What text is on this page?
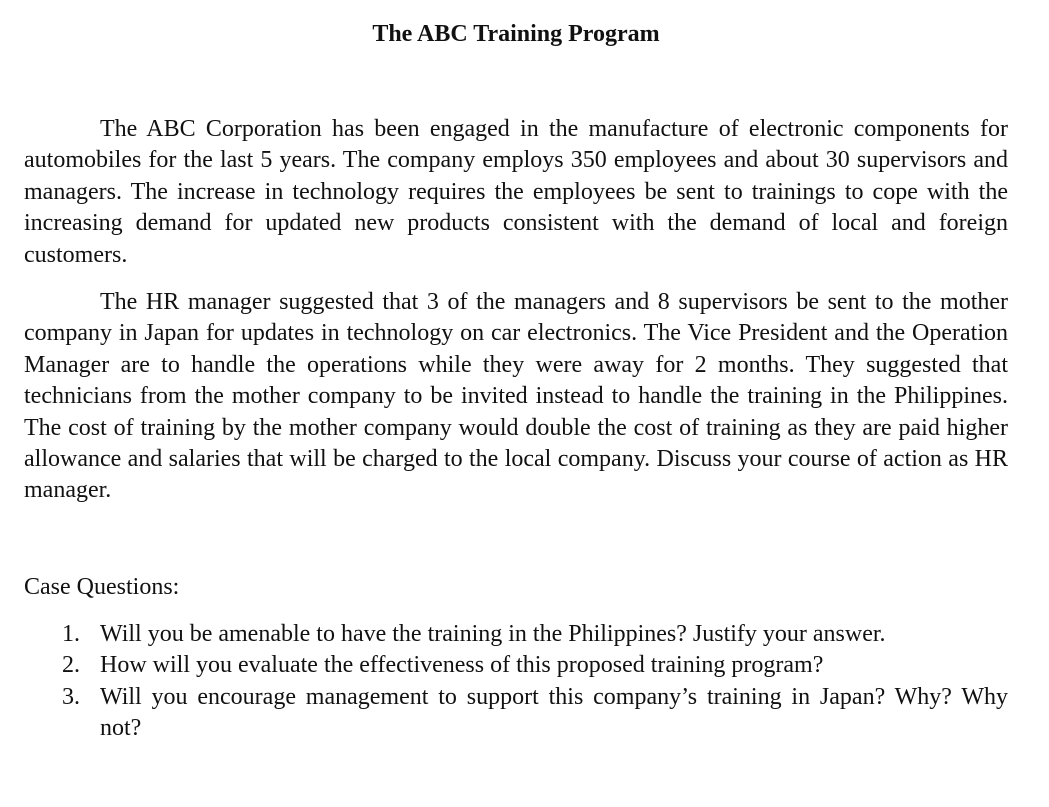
The ABC Training Program

The ABC Corporation has been engaged in the manufacture of electronic components for automobiles for the last 5 years. The company employs 350 employees and about 30 supervisors and managers. The increase in technology requires the employees be sent to trainings to cope with the increasing demand for updated new products consistent with the demand of local and foreign customers.

The HR manager suggested that 3 of the managers and 8 supervisors be sent to the mother company in Japan for updates in technology on car electronics. The Vice President and the Operation Manager are to handle the operations while they were away for 2 months. They suggested that technicians from the mother company to be invited instead to handle the training in the Philippines. The cost of training by the mother company would double the cost of training as they are paid higher allowance and salaries that will be charged to the local company. Discuss your course of action as HR manager.

Case Questions:

1. Will you be amenable to have the training in the Philippines? Justify your answer.
2. How will you evaluate the effectiveness of this proposed training program?
3. Will you encourage management to support this company’s training in Japan? Why? Why not?
